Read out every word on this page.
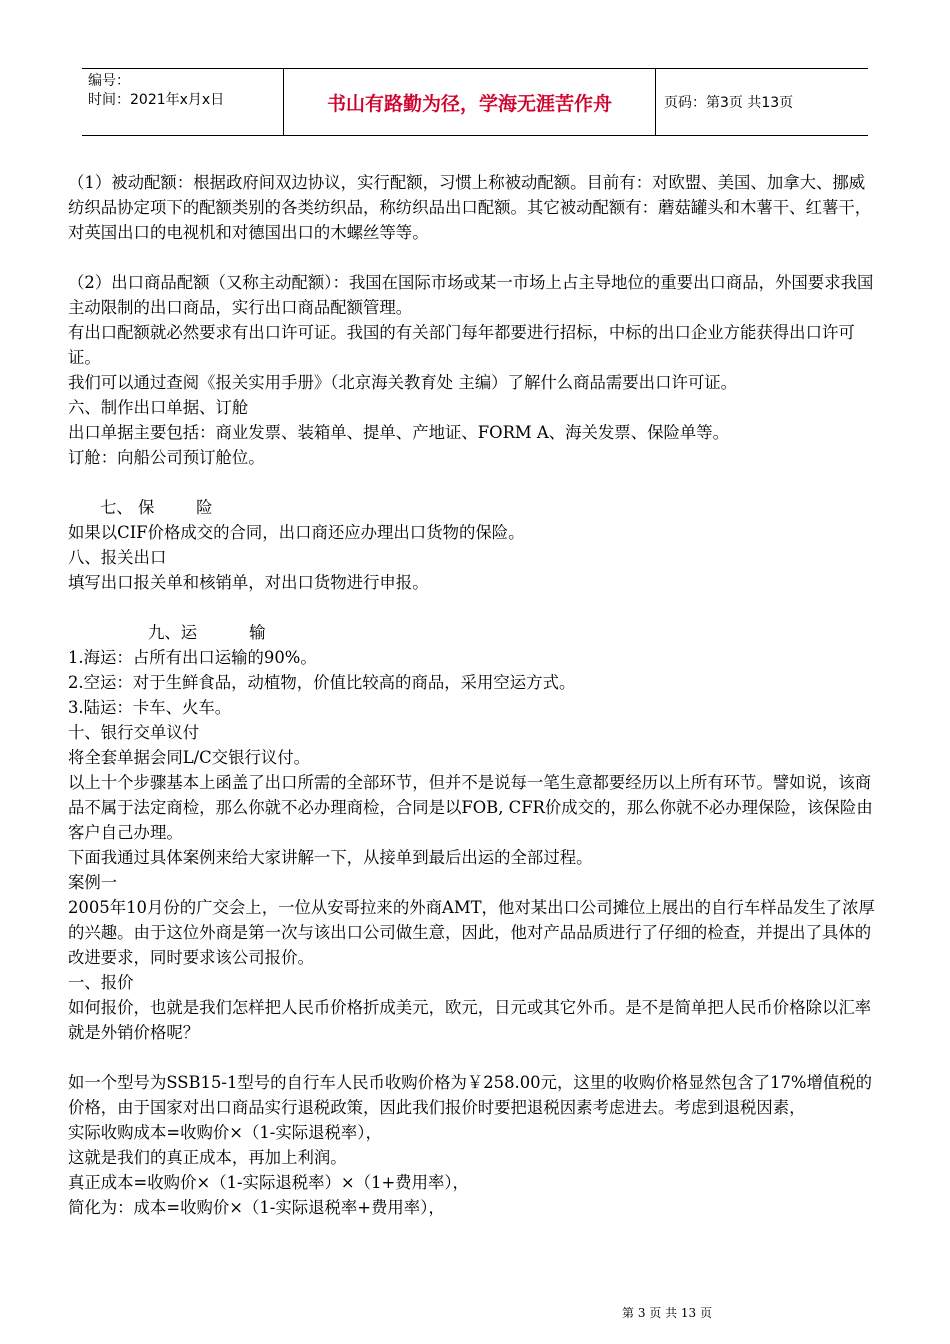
编号：
时间：2021年x月x日	书山有路勤为径，学海无涯苦作舟	页码：第3页 共13页

（1）被动配额：根据政府间双边协议，实行配额，习惯上称被动配额。目前有：对欧盟、美国、加拿大、挪威纺织品协定项下的配额类别的各类纺织品，称纺织品出口配额。其它被动配额有：蘑菇罐头和木薯干、红薯干，对英国出口的电视机和对德国出口的木螺丝等等。

（2）出口商品配额（又称主动配额）：我国在国际市场或某一市场上占主导地位的重要出口商品，外国要求我国主动限制的出口商品，实行出口商品配额管理。

有出口配额就必然要求有出口许可证。我国的有关部门每年都要进行招标，中标的出口企业方能获得出口许可证。

我们可以通过查阅《报关实用手册》（北京海关教育处 主编）了解什么商品需要出口许可证。

六、制作出口单据、订舱

出口单据主要包括：商业发票、装箱单、提单、产地证、FORM A、海关发票、保险单等。

订舱：向船公司预订舱位。

七、 保        险

如果以CIF价格成交的合同，出口商还应办理出口货物的保险。

八、报关出口

填写出口报关单和核销单，对出口货物进行申报。

九、运          输

1.海运：占所有出口运输的90%。

2.空运：对于生鲜食品，动植物，价值比较高的商品，采用空运方式。

3.陆运：卡车、火车。

十、银行交单议付

将全套单据会同L/C交银行议付。

以上十个步骤基本上函盖了出口所需的全部环节，但并不是说每一笔生意都要经历以上所有环节。譬如说，该商品不属于法定商检，那么你就不必办理商检，合同是以FOB, CFR价成交的，那么你就不必办理保险，该保险由客户自己办理。

下面我通过具体案例来给大家讲解一下，从接单到最后出运的全部过程。

案例一

2005年10月份的广交会上，一位从安哥拉来的外商AMT，他对某出口公司摊位上展出的自行车样品发生了浓厚的兴趣。由于这位外商是第一次与该出口公司做生意，因此，他对产品品质进行了仔细的检查，并提出了具体的改进要求，同时要求该公司报价。

一、报价

如何报价，也就是我们怎样把人民币价格折成美元，欧元，日元或其它外币。是不是简单把人民币价格除以汇率就是外销价格呢？

如一个型号为SSB15-1型号的自行车人民币收购价格为￥258.00元，这里的收购价格显然包含了17%增值税的价格，由于国家对出口商品实行退税政策，因此我们报价时要把退税因素考虑进去。考虑到退税因素，

实际收购成本=收购价×（1-实际退税率），

这就是我们的真正成本，再加上利润。

真正成本=收购价×（1-实际退税率）×（1+费用率），

简化为：成本=收购价×（1-实际退税率+费用率），

第 3 页 共 13 页
